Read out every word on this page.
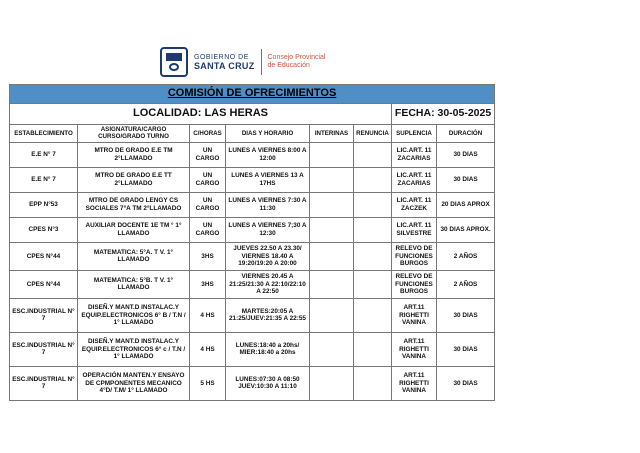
GOBIERNO DE
SANTA CRUZ
Consejo Provincial
de Educación
COMISIÓN DE OFRECIMIENTOS							
LOCALIDAD: LAS HERAS						FECHA: 30-05-2025	
ESTABLECIMIENTO	ASIGNATURA/CARGO CURSO/GRADO TURNO	C/HORAS	DIAS Y HORARIO	INTERINAS	RENUNCIA	SUPLENCIA	DURACIÓN
E.E N° 7	MTRO DE GRADO E.E TM 2°LLAMADO	UN CARGO	LUNES A VIERNES 8:00 A 12:00			LIC.ART. 11 ZACARIAS	30 DIAS
E.E N° 7	MTRO DE GRADO E.E TT 2°LLAMADO	UN CARGO	LUNES A VIERNES 13 A 17HS			LIC.ART. 11 ZACARIAS	30 DIAS
EPP N°53	MTRO DE GRADO LENGY CS SOCIALES 7°A TM 2°LLAMADO	UN CARGO	LUNES A VIERNES 7:30 A 11:30			LIC.ART. 11 ZACZEK	20 DIAS APROX
CPES N°3	AUXILIAR DOCENTE 1E TM ° 1° LLAMADO	UN CARGO	LUNES A VIERNES 7;30 A 12:30			LIC.ART. 11 SILVESTRE	30 DIAS APROX.
CPES N°44	MATEMATICA: 5°A. T V. 1° LLAMADO	3HS	JUEVES 22.50 A 23.30/ VIERNES 18.40 A 19:20/19:20 A 20:00			RELEVO DE FUNCIONES BURGOS	2 AÑOS
CPES N°44	MATEMATICA: 5°B. T V. 1° LLAMADO	3HS	VIERNES 20.45 A 21:25/21:30 A 22:10/22:10 A 22:50			RELEVO DE FUNCIONES BURGOS	2 AÑOS
ESC.INDUSTRIAL N° 7	DISEÑ.Y MANT.D INSTALAC.Y EQUIP.ELECTRONICOS 6° B / T.N / 1° LLAMADO	4 HS	MARTES:20:05 A 21:25/JUEV:21:35 A 22:55			ART.11 RIGHETTI VANINA	30 DIAS
ESC.INDUSTRIAL N° 7	DISEÑ.Y MANT.D INSTALAC.Y EQUIP.ELECTRONICOS 6° c / T.N / 1° LLAMADO	4 HS	LUNES:18:40 a 20hs/ MIER:18:40 a 20hs			ART.11 RIGHETTI VANINA	30 DIAS
ESC.INDUSTRIAL N° 7	OPERACIÓN MANTEN.Y ENSAYO DE CPMPONENTES MECANICO 4°D/ T.M/ 1° LLAMADO	5 HS	LUNES:07:30 A 08:50 JUEV:10:30 A 11:10			ART.11 RIGHETTI VANINA	30 DIAS
